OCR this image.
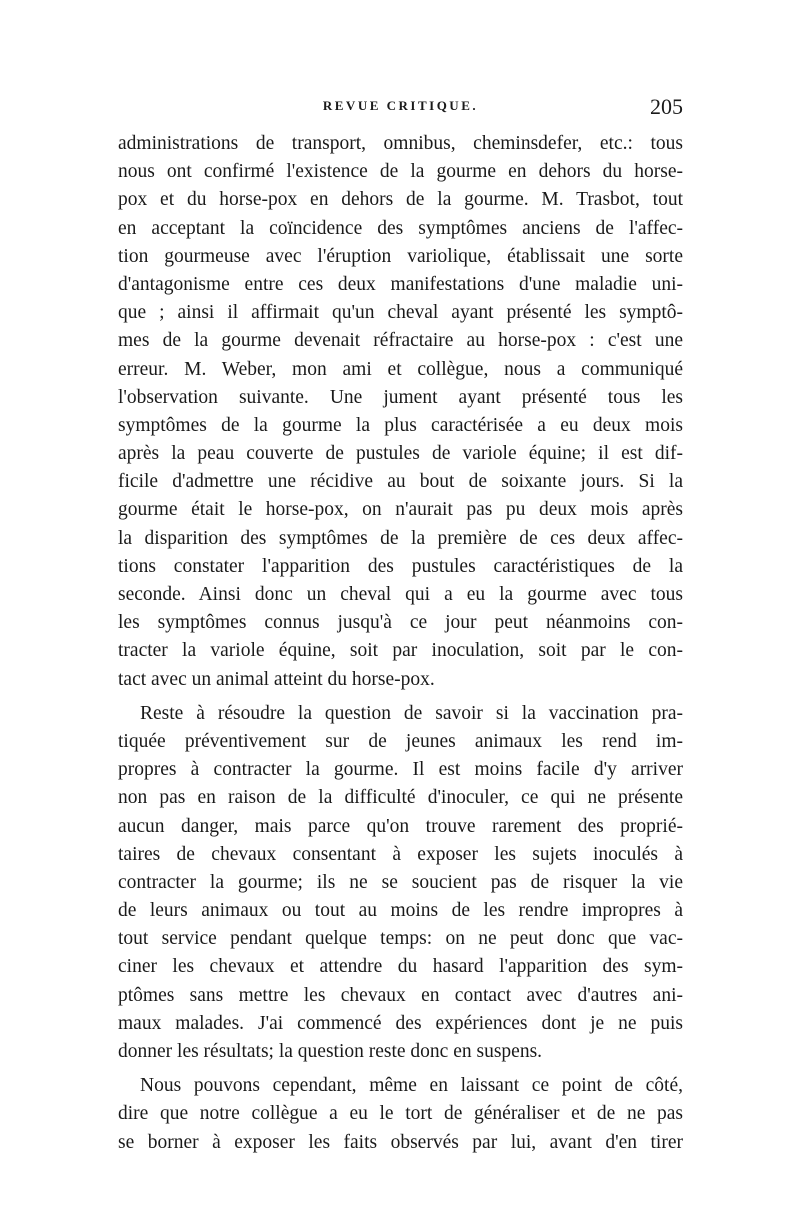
REVUE CRITIQUE.	205
administrations de transport, omnibus, cheminsdefer, etc.: tous
nous ont confirmé l'existence de la gourme en dehors du horse-
pox et du horse-pox en dehors de la gourme. M. Trasbot, tout
en acceptant la coïncidence des symptômes anciens de l'affec-
tion gourmeuse avec l'éruption variolique, établissait une sorte
d'antagonisme entre ces deux manifestations d'une maladie uni-
que ; ainsi il affirmait qu'un cheval ayant présenté les symptô-
mes de la gourme devenait réfractaire au horse-pox : c'est une
erreur. M. Weber, mon ami et collègue, nous a communiqué
l'observation suivante. Une jument ayant présenté tous les
symptômes de la gourme la plus caractérisée a eu deux mois
après la peau couverte de pustules de variole équine; il est dif-
ficile d'admettre une récidive au bout de soixante jours. Si la
gourme était le horse-pox, on n'aurait pas pu deux mois après
la disparition des symptômes de la première de ces deux affec-
tions constater l'apparition des pustules caractéristiques de la
seconde. Ainsi donc un cheval qui a eu la gourme avec tous
les symptômes connus jusqu'à ce jour peut néanmoins con-
tracter la variole équine, soit par inoculation, soit par le con-
tact avec un animal atteint du horse-pox.
Reste à résoudre la question de savoir si la vaccination pra-
tiquée préventivement sur de jeunes animaux les rend im-
propres à contracter la gourme. Il est moins facile d'y arriver
non pas en raison de la difficulté d'inoculer, ce qui ne présente
aucun danger, mais parce qu'on trouve rarement des proprié-
taires de chevaux consentant à exposer les sujets inoculés à
contracter la gourme; ils ne se soucient pas de risquer la vie
de leurs animaux ou tout au moins de les rendre impropres à
tout service pendant quelque temps: on ne peut donc que vac-
ciner les chevaux et attendre du hasard l'apparition des sym-
ptômes sans mettre les chevaux en contact avec d'autres ani-
maux malades. J'ai commencé des expériences dont je ne puis
donner les résultats; la question reste donc en suspens.
Nous pouvons cependant, même en laissant ce point de côté,
dire que notre collègue a eu le tort de généraliser et de ne pas
se borner à exposer les faits observés par lui, avant d'en tirer
